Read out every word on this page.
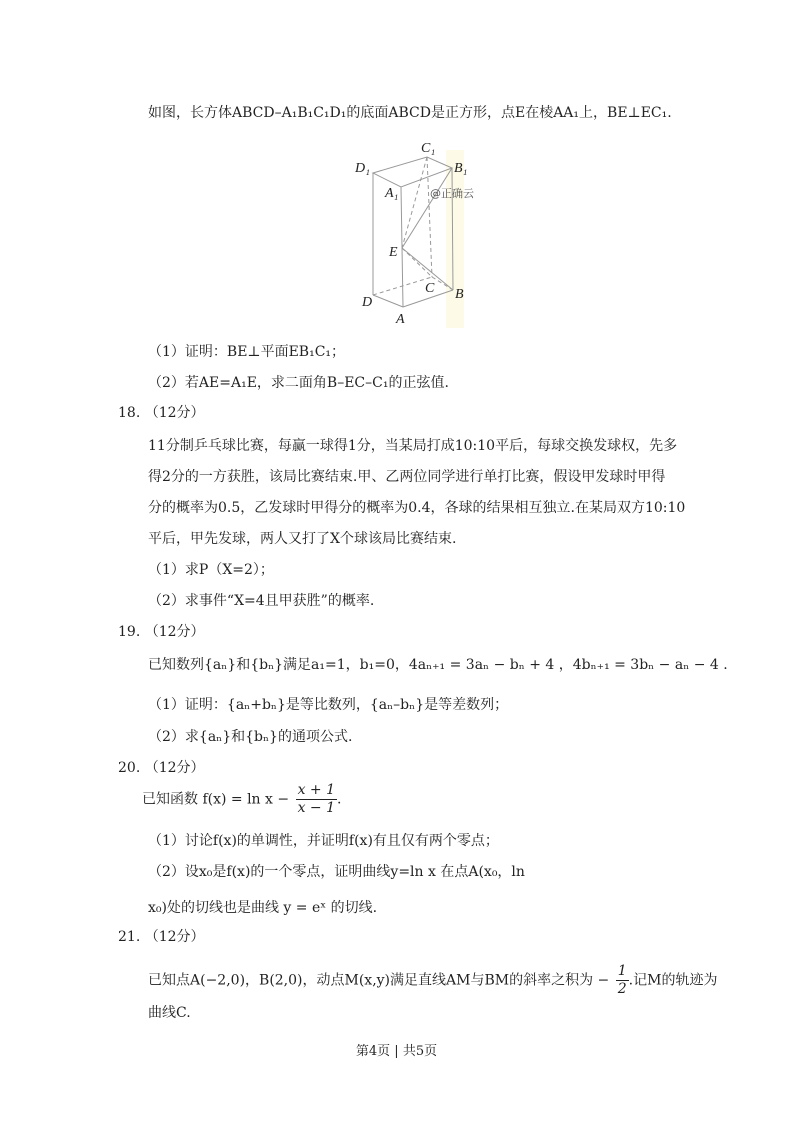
如图，长方体ABCD–A₁B₁C₁D₁的底面ABCD是正方形，点E在棱AA₁上，BE⊥EC₁.
C₁
D₁	B₁
A₁
E
C B
D
A
@正确云
（1）证明：BE⊥平面EB₁C₁；
（2）若AE=A₁E，求二面角B–EC–C₁的正弦值.
18. （12分）
11分制乒乓球比赛，每赢一球得1分，当某局打成10:10平后，每球交换发球权，先多
得2分的一方获胜，该局比赛结束.甲、乙两位同学进行单打比赛，假设甲发球时甲得
分的概率为0.5，乙发球时甲得分的概率为0.4，各球的结果相互独立.在某局双方10:10
平后，甲先发球，两人又打了X个球该局比赛结束.
（1）求P（X=2）；
（2）求事件“X=4且甲获胜”的概率.
19. （12分）
已知数列{aₙ}和{bₙ}满足a₁=1，b₁=0，4aₙ₊₁ = 3aₙ − bₙ + 4 ，4bₙ₊₁ = 3bₙ − aₙ − 4 .
（1）证明：{aₙ+bₙ}是等比数列，{aₙ–bₙ}是等差数列；
（2）求{aₙ}和{bₙ}的通项公式.
20. （12分）
已知函数 $f(x) = \ln x - \frac{x + 1}{x - 1}$ .
（1）讨论f(x)的单调性，并证明f(x)有且仅有两个零点；
（2）设x₀是f(x)的一个零点，证明曲线y=ln x 在点A(x₀，ln
x₀)处的切线也是曲线 y = eˣ 的切线.
21. （12分）
已知点A(−2,0)，B(2,0)，动点M(x,y)满足直线AM与BM的斜率之积为 − $\frac{1}{2}$ .记M的轨迹为
曲线C.
第4页 | 共5页
